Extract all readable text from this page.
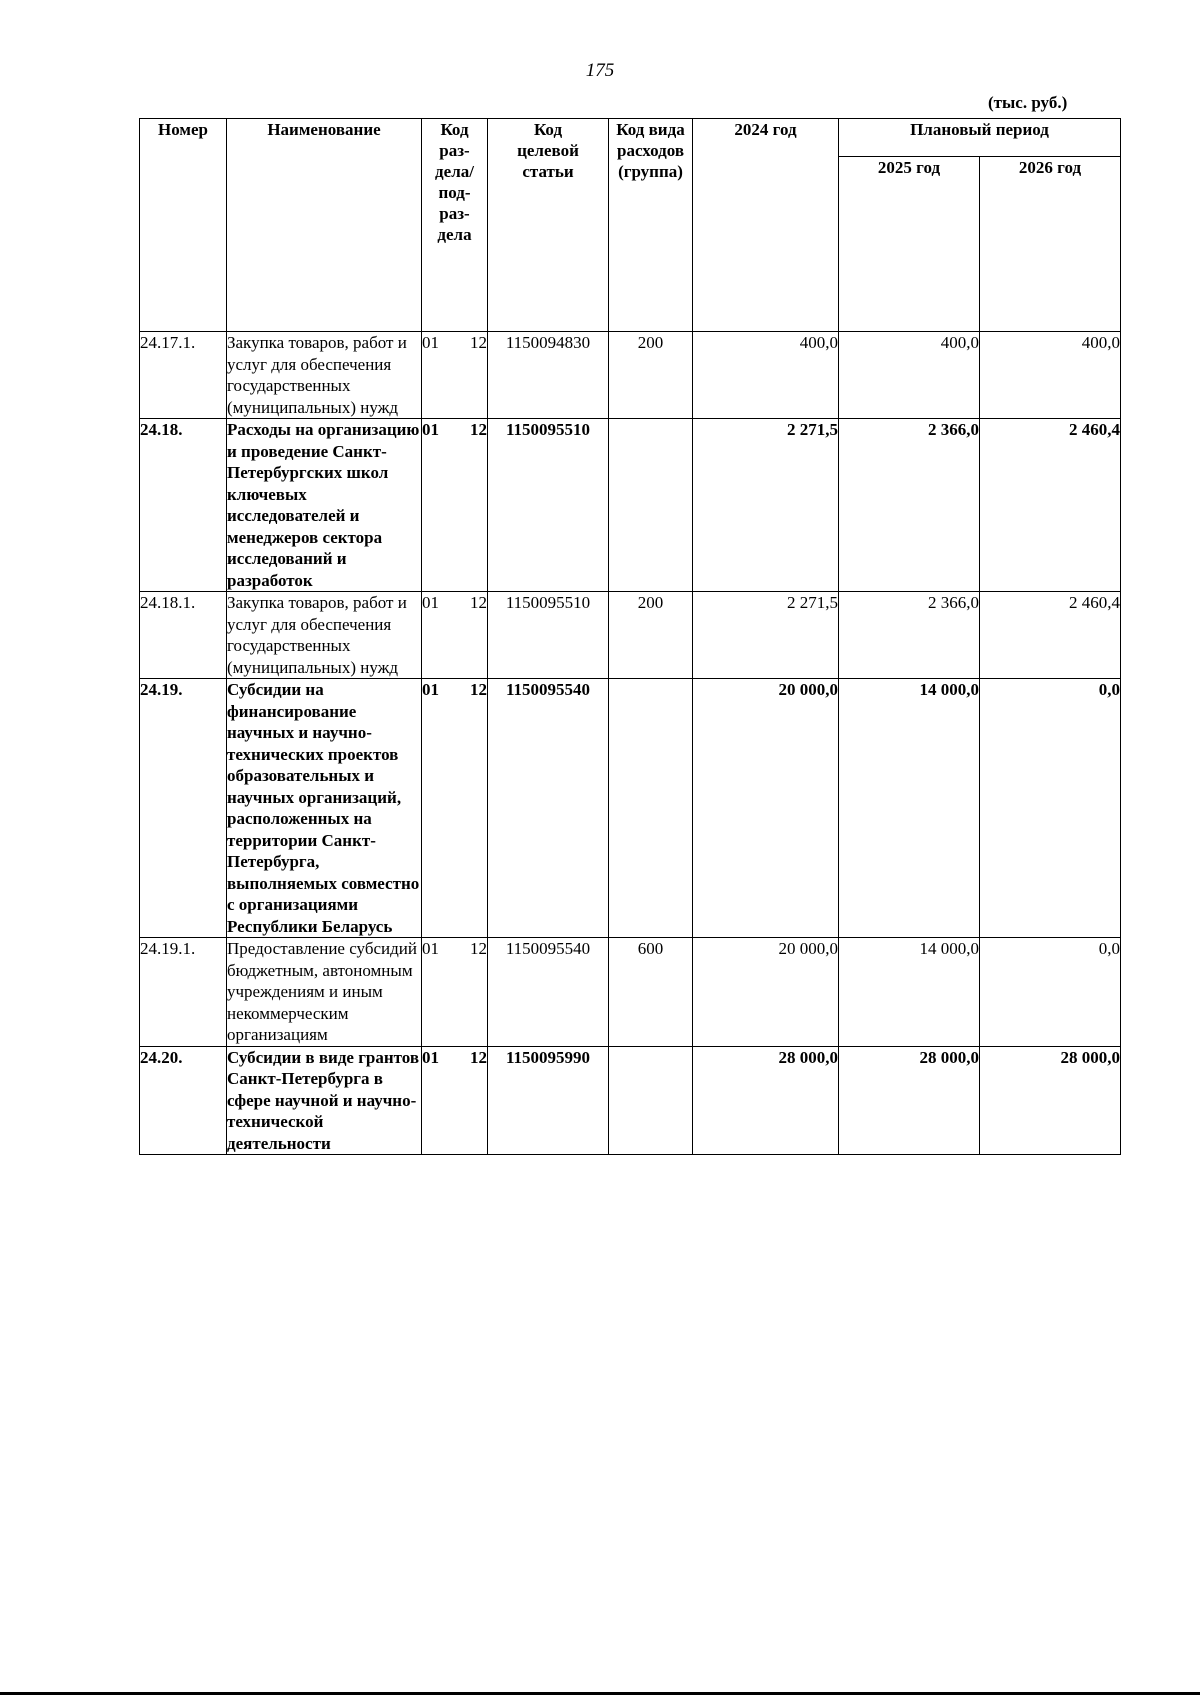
175
(тыс. руб.)
Номер	Наименование	Код раз-дела/ под-раз-дела	Код целевой статьи	Код вида расходов (группа)	2024 год	Плановый период	
						2025 год	2026 год
24.17.1.	Закупка товаров, работ и услуг для обеспечения государственных (муниципальных) нужд	01 12	1150094830	200	400,0	400,0	400,0
24.18.	Расходы на организацию и проведение Санкт-Петербургских школ ключевых исследователей и менеджеров сектора исследований и разработок	01 12	1150095510		2 271,5	2 366,0	2 460,4
24.18.1.	Закупка товаров, работ и услуг для обеспечения государственных (муниципальных) нужд	01 12	1150095510	200	2 271,5	2 366,0	2 460,4
24.19.	Субсидии на финансирование научных и научно-технических проектов образовательных и научных организаций, расположенных на территории Санкт-Петербурга, выполняемых совместно с организациями Республики Беларусь	01 12	1150095540		20 000,0	14 000,0	0,0
24.19.1.	Предоставление субсидий бюджетным, автономным учреждениям и иным некоммерческим организациям	01 12	1150095540	600	20 000,0	14 000,0	0,0
24.20.	Субсидии в виде грантов Санкт-Петербурга в сфере научной и научно-технической деятельности	01 12	1150095990		28 000,0	28 000,0	28 000,0
